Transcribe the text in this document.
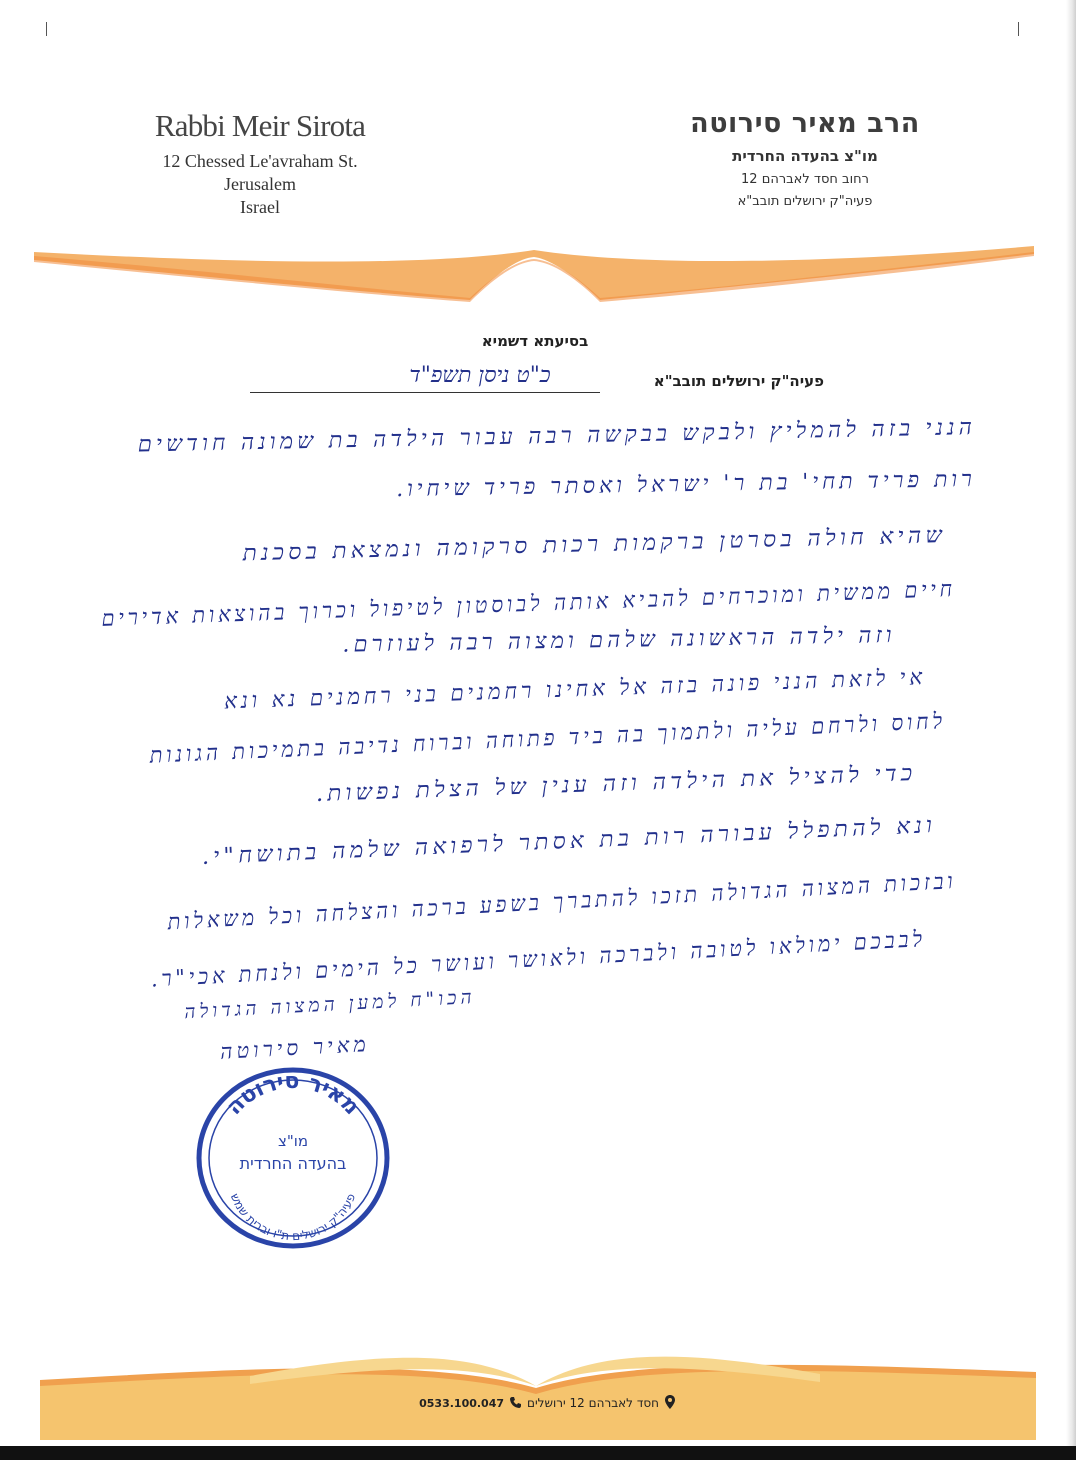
Rabbi Meir Sirota
12 Chessed Le'avraham St.
Jerusalem
Israel
הרב מאיר סירוטה
מו"צ בהעדה החרדית
רחוב חסד לאברהם 12
פעיה"ק ירושלים תובב"א
בסיעתא דשמיא
פעיה"ק ירושלים תובב"א
כ"ט ניסן תשפ"ד
הנני בזה להמליץ ולבקש בבקשה רבה עבור הילדה בת שמונה חודשים
רות פריד תחי' בת ר' ישראל ואסתר פריד שיחיו.
שהיא חולה בסרטן ברקמות רכות סרקומה ונמצאת בסכנת
חיים ממשית ומוכרחים להביא אותה לבוסטון לטיפול וכרוך בהוצאות אדירים
וזה ילדה הראשונה שלהם ומצוה רבה לעוזרם.
אי לזאת הנני פונה בזה אל אחינו רחמנים בני רחמנים נא ונא
לחוס ולרחם עליה ולתמוך בה ביד פתוחה וברוח נדיבה בתמיכות הגונות
כדי להציל את הילדה וזה ענין של הצלת נפשות.
ונא להתפלל עבורה רות בת אסתר לרפואה שלמה בתושח"י.
ובזכות המצוה הגדולה תזכו להתברך בשפע ברכה והצלחה וכל משאלות
לבבכם ימולאו לטובה ולברכה ולאושר ועושר כל הימים ולנחת אכי"ר.
הכו"ח למען המצוה הגדולה
מאיר סירוטה
מאיר סירוטה
פעיה"ק ירושלים ת"ו ובבית שמש
מו"צ
בהעדה החרדית
חסד לאברהם 12 ירושלים
0533.100.047
